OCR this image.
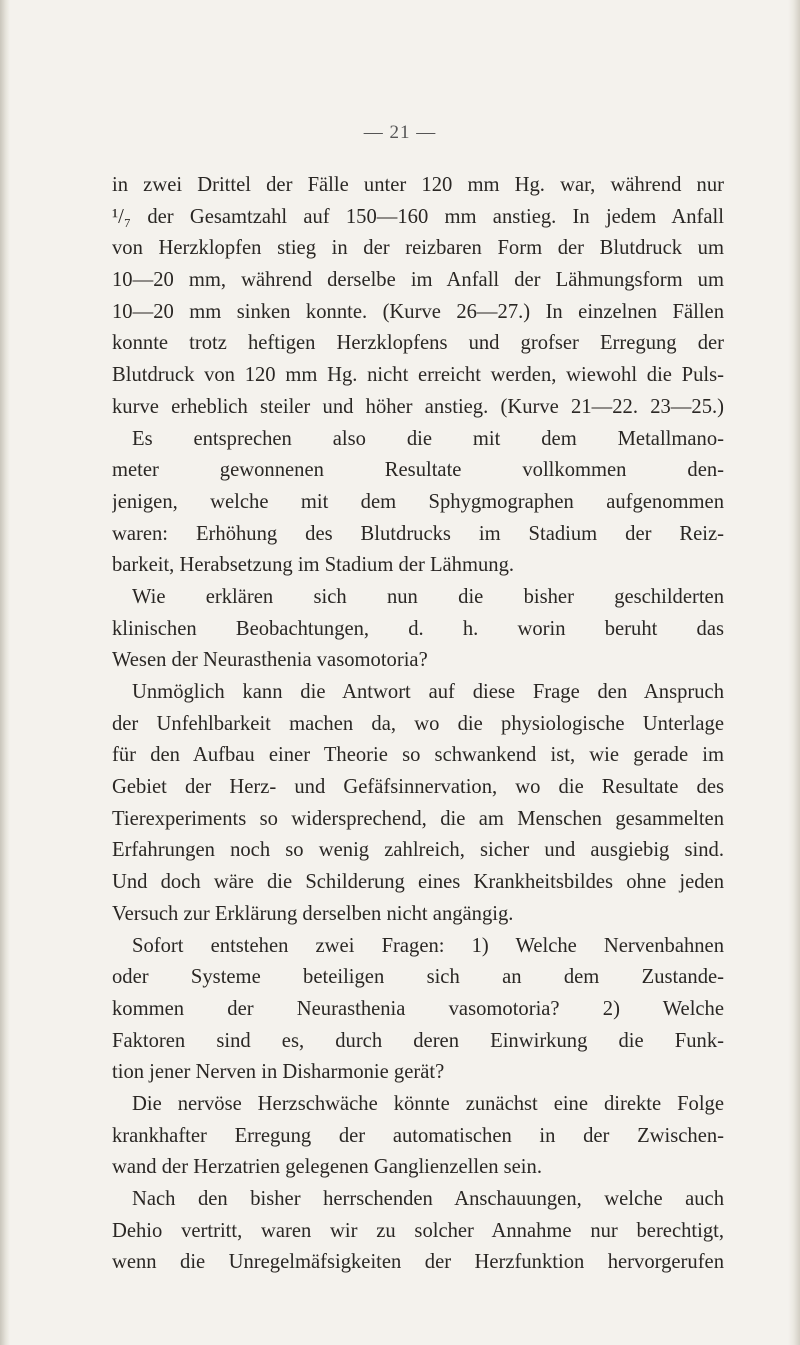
— 21 —
in zwei Drittel der Fälle unter 120 mm Hg. war, während nur
¹/₇ der Gesamtzahl auf 150—160 mm anstieg. In jedem Anfall
von Herzklopfen stieg in der reizbaren Form der Blutdruck um
10—20 mm, während derselbe im Anfall der Lähmungsform um
10—20 mm sinken konnte. (Kurve 26—27.) In einzelnen Fällen
konnte trotz heftigen Herzklopfens und grofser Erregung der
Blutdruck von 120 mm Hg. nicht erreicht werden, wiewohl die Puls-
kurve erheblich steiler und höher anstieg. (Kurve 21—22. 23—25.)
Es entsprechen also die mit dem Metallmano-
meter gewonnenen Resultate vollkommen den-
jenigen, welche mit dem Sphygmographen aufgenommen
waren: Erhöhung des Blutdrucks im Stadium der Reiz-
barkeit, Herabsetzung im Stadium der Lähmung.
Wie erklären sich nun die bisher geschilderten
klinischen Beobachtungen, d. h. worin beruht das
Wesen der Neurasthenia vasomotoria?
Unmöglich kann die Antwort auf diese Frage den Anspruch
der Unfehlbarkeit machen da, wo die physiologische Unterlage
für den Aufbau einer Theorie so schwankend ist, wie gerade im
Gebiet der Herz- und Gefäfsinnervation, wo die Resultate des
Tierexperiments so widersprechend, die am Menschen gesammelten
Erfahrungen noch so wenig zahlreich, sicher und ausgiebig sind.
Und doch wäre die Schilderung eines Krankheitsbildes ohne jeden
Versuch zur Erklärung derselben nicht angängig.
Sofort entstehen zwei Fragen: 1) Welche Nervenbahnen
oder Systeme beteiligen sich an dem Zustande-
kommen der Neurasthenia vasomotoria? 2) Welche
Faktoren sind es, durch deren Einwirkung die Funk-
tion jener Nerven in Disharmonie gerät?
Die nervöse Herzschwäche könnte zunächst eine direkte Folge
krankhafter Erregung der automatischen in der Zwischen-
wand der Herzatrien gelegenen Ganglienzellen sein.
Nach den bisher herrschenden Anschauungen, welche auch
Dehio vertritt, waren wir zu solcher Annahme nur berechtigt,
wenn die Unregelmäfsigkeiten der Herzfunktion hervorgerufen
